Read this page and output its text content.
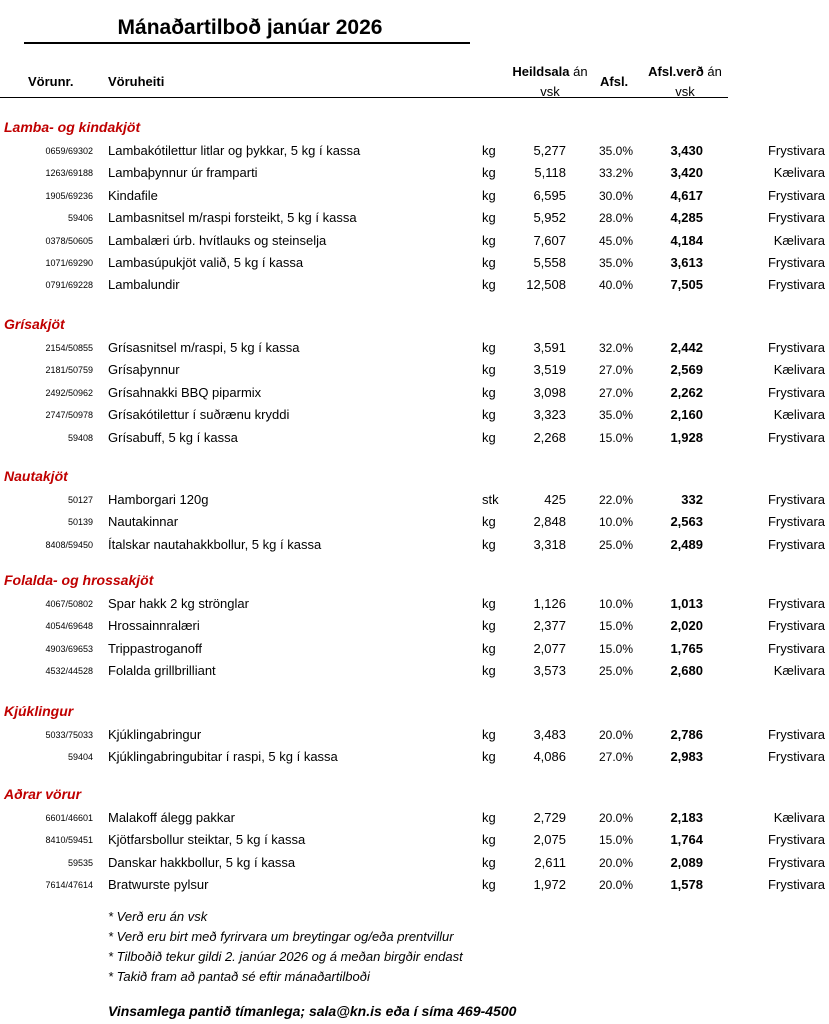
Mánaðartilboð janúar 2026
Vörunr.	Vöruheiti
Heildsala án
vsk
Afsl.
Afsl.verð án
vsk
Lamba- og kindakjöt
0659/69302 Lambakótilettur litlar og þykkar, 5 kg í kassa	kg	5,277	35.0%	3,430	Frystivara
1263/69188 Lambaþynnur úr framparti	kg	5,118	33.2%	3,420	Kælivara
1905/69236 Kindafile	kg	6,595	30.0%	4,617	Frystivara
59406 Lambasnitsel m/raspi forsteikt, 5 kg í kassa	kg	5,952	28.0%	4,285	Frystivara
0378/50605 Lambalæri úrb. hvítlauks og steinselja	kg	7,607	45.0%	4,184	Kælivara
1071/69290 Lambasúpukjöt valið, 5 kg í kassa	kg	5,558	35.0%	3,613	Frystivara
0791/69228 Lambalundir	kg 12,508	40.0%	7,505	Frystivara
Grísakjöt
2154/50855 Grísasnitsel m/raspi, 5 kg í kassa	kg	3,591	32.0%	2,442	Frystivara
2181/50759 Grísaþynnur	kg	3,519	27.0%	2,569	Kælivara
2492/50962 Grísahnakki BBQ piparmix	kg	3,098	27.0%	2,262	Frystivara
2747/50978 Grísakótilettur í suðrænu kryddi	kg	3,323	35.0%	2,160	Kælivara
59408 Grísabuff, 5 kg í kassa	kg	2,268	15.0%	1,928	Frystivara
Nautakjöt
50127 Hamborgari 120g	stk	425	22.0%	332	Frystivara
50139 Nautakinnar	kg	2,848	10.0%	2,563	Frystivara
8408/59450 Ítalskar nautahakkbollur, 5 kg í kassa	kg	3,318	25.0%	2,489	Frystivara
Folalda- og hrossakjöt
4067/50802 Spar hakk 2 kg strönglar	kg	1,126	10.0%	1,013	Frystivara
4054/69648 Hrossainnralæri	kg	2,377	15.0%	2,020	Frystivara
4903/69653 Trippastroganoff	kg	2,077	15.0%	1,765	Frystivara
4532/44528 Folalda grillbrilliant	kg	3,573	25.0%	2,680	Kælivara
Kjúklingur
5033/75033 Kjúklingabringur	kg	3,483	20.0%	2,786	Frystivara
59404 Kjúklingabringubitar í raspi, 5 kg í kassa	kg	4,086	27.0%	2,983	Frystivara
Aðrar vörur
6601/46601 Malakoff álegg pakkar	kg	2,729	20.0%	2,183	Kælivara
8410/59451 Kjötfarsbollur steiktar, 5 kg í kassa	kg	2,075	15.0%	1,764	Frystivara
59535 Danskar hakkbollur, 5 kg í kassa	kg	2,611	20.0%	2,089	Frystivara
7614/47614 Bratwurste pylsur	kg	1,972	20.0%	1,578	Frystivara
* Verð eru án vsk
* Verð eru birt með fyrirvara um breytingar og/eða prentvillur
* Tilboðið tekur gildi 2. janúar 2026 og á meðan birgðir endast
* Takið fram að pantað sé eftir mánaðartilboði
Vinsamlega pantið tímanlega; sala@kn.is eða í síma 469-4500
